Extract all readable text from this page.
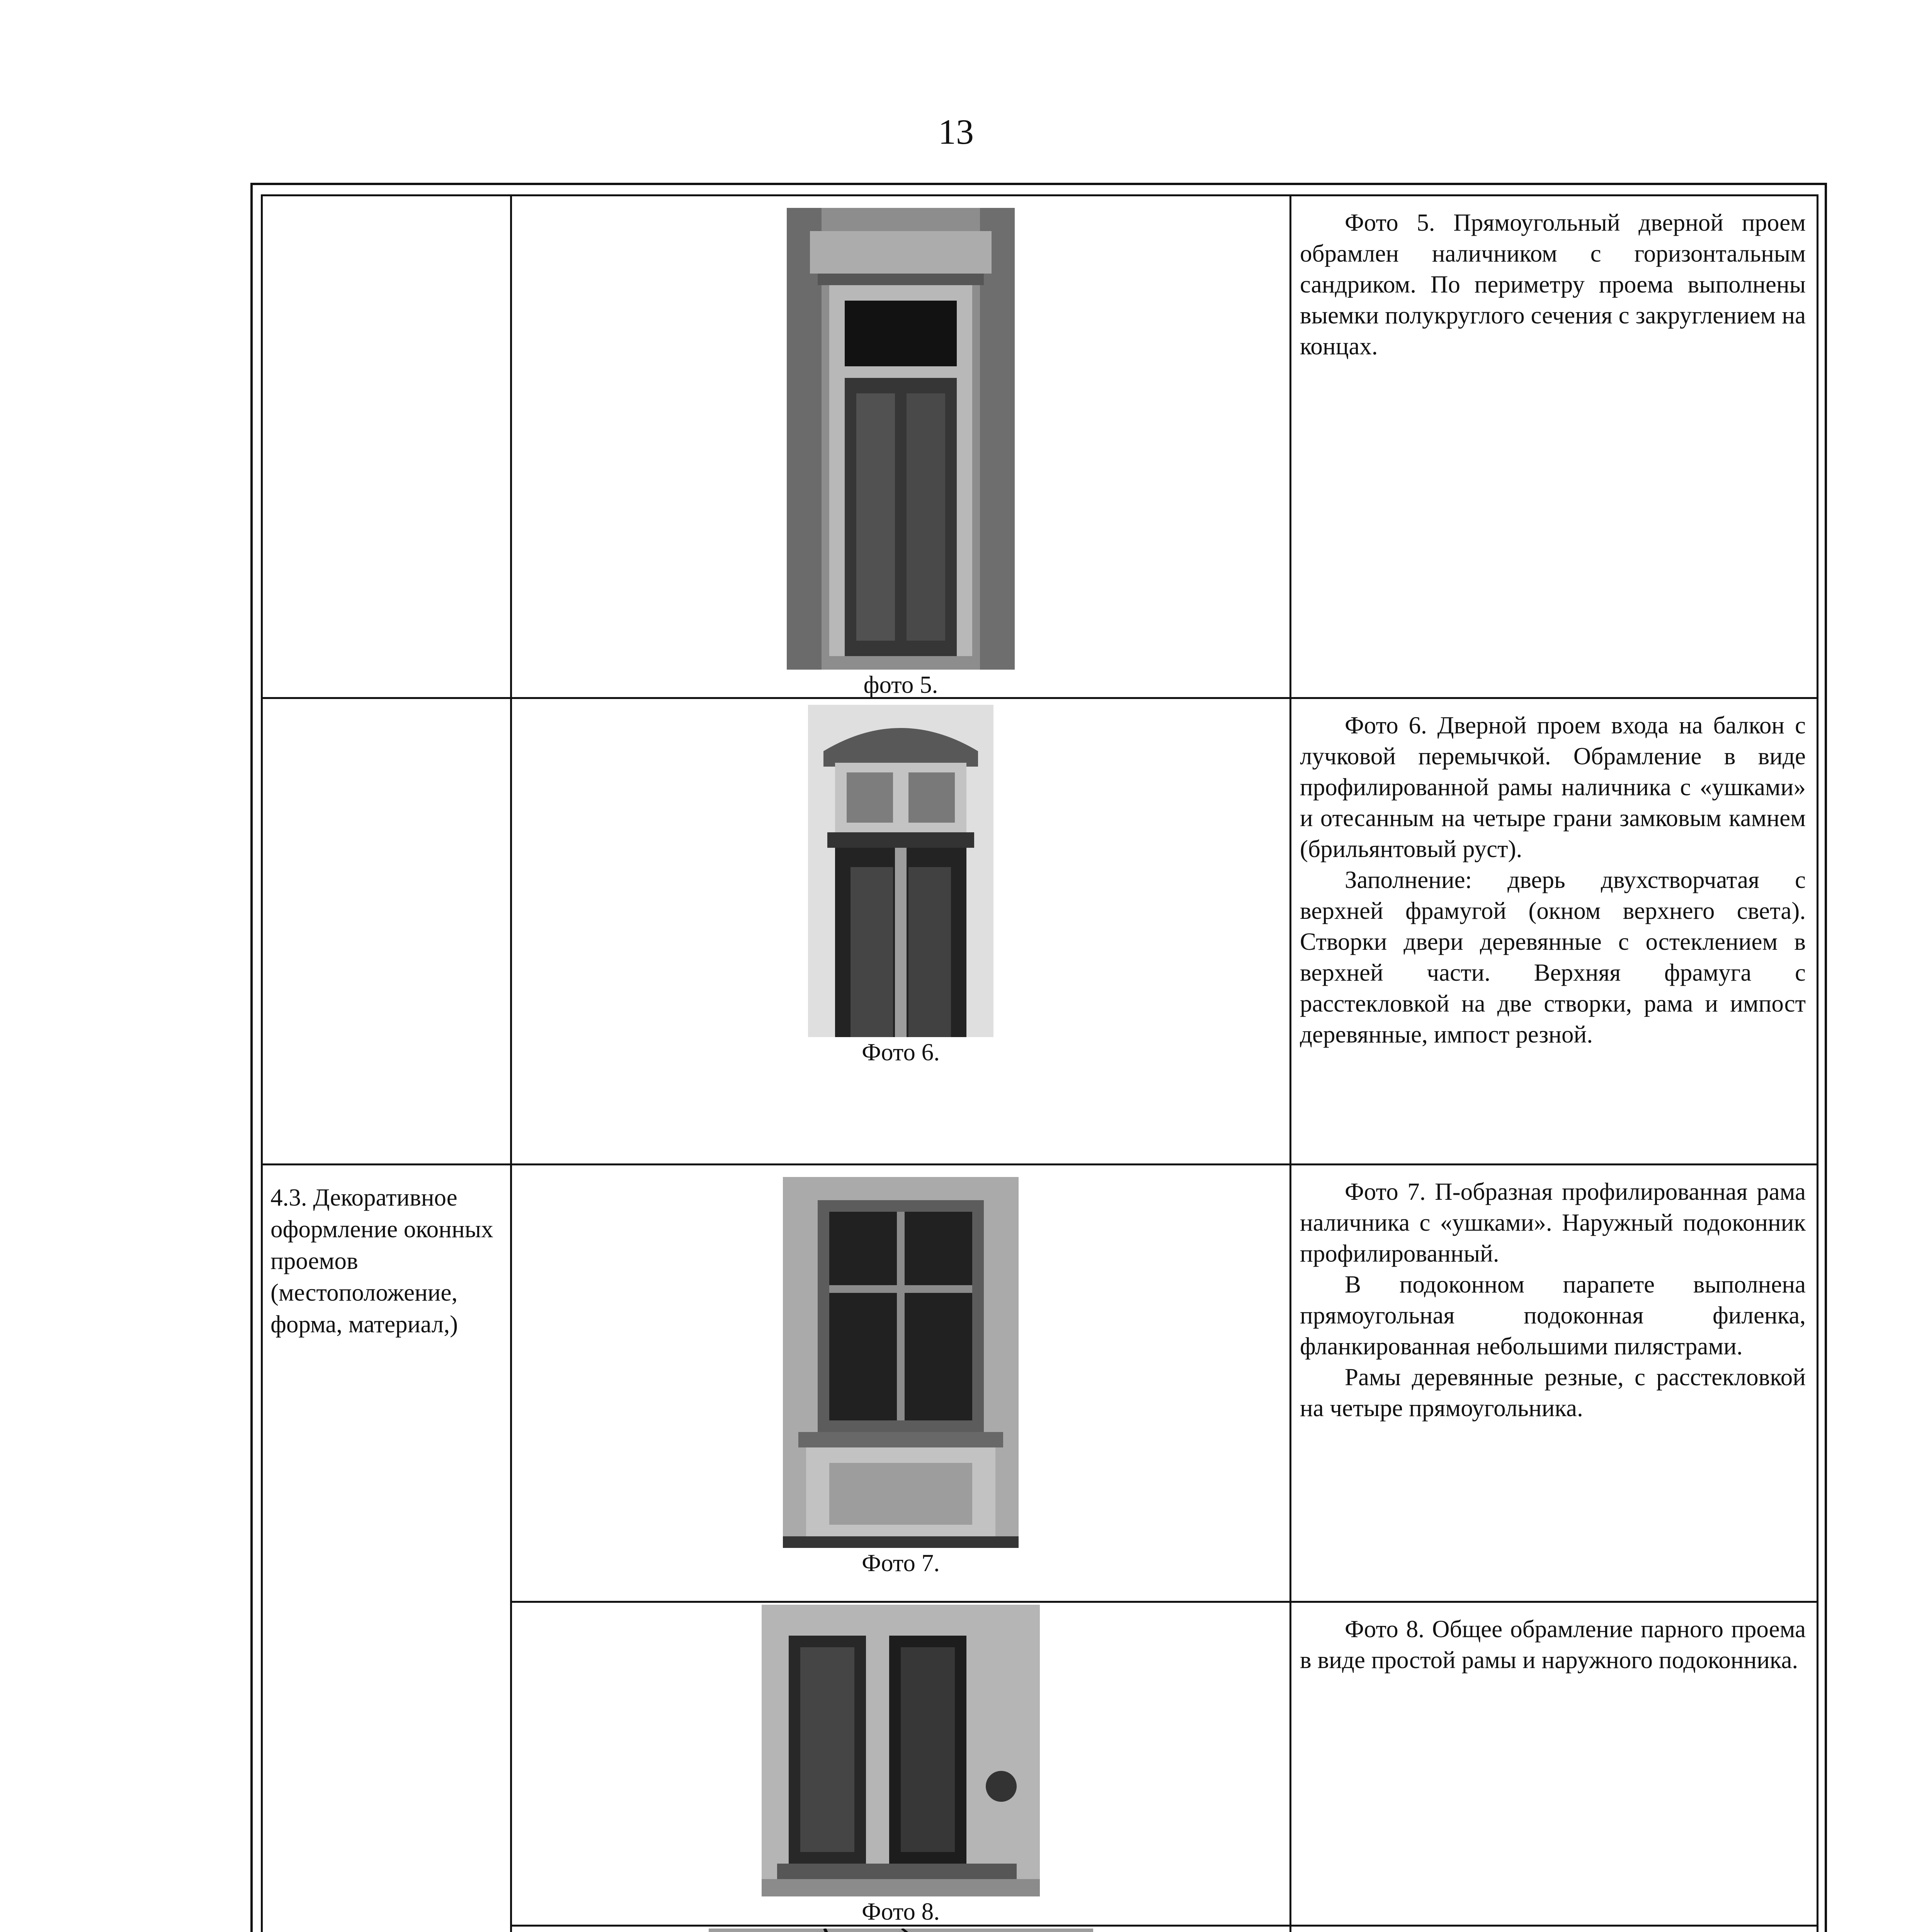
13

	фото 5.	Фото 5. Прямоугольный дверной проем обрамлен наличником с горизонтальным сандриком. По периметру проема выполнены выемки полукруглого сечения с закруглением на концах.

	Фото 6.	Фото 6. Дверной проем входа на балкон с лучковой перемычкой. Обрамление в виде профилированной рамы наличника с «ушками» и отесанным на четыре грани замковым камнем (брильянтовый руст).

Заполнение: дверь двухстворчатая с верхней фрамугой (окном верхнего света). Створки двери деревянные с остеклением в верхней части. Верхняя фрамуга с расстекловкой на две створки, рама и импост деревянные, импост резной.

4.3. Декоративное оформление оконных проемов (местоположение, форма, материал,)	Фото 7.	Фото 7. П-образная профилированная рама наличника с «ушками». Наружный подоконник профилированный.

В подоконном парапете выполнена прямоугольная подоконная филенка, фланкированная небольшими пилястрами.

Рамы деревянные резные, с расстекловкой на четыре прямоугольника.

	Фото 8.	Фото 8. Общее обрамление парного проема в виде простой рамы и наружного подоконника.
